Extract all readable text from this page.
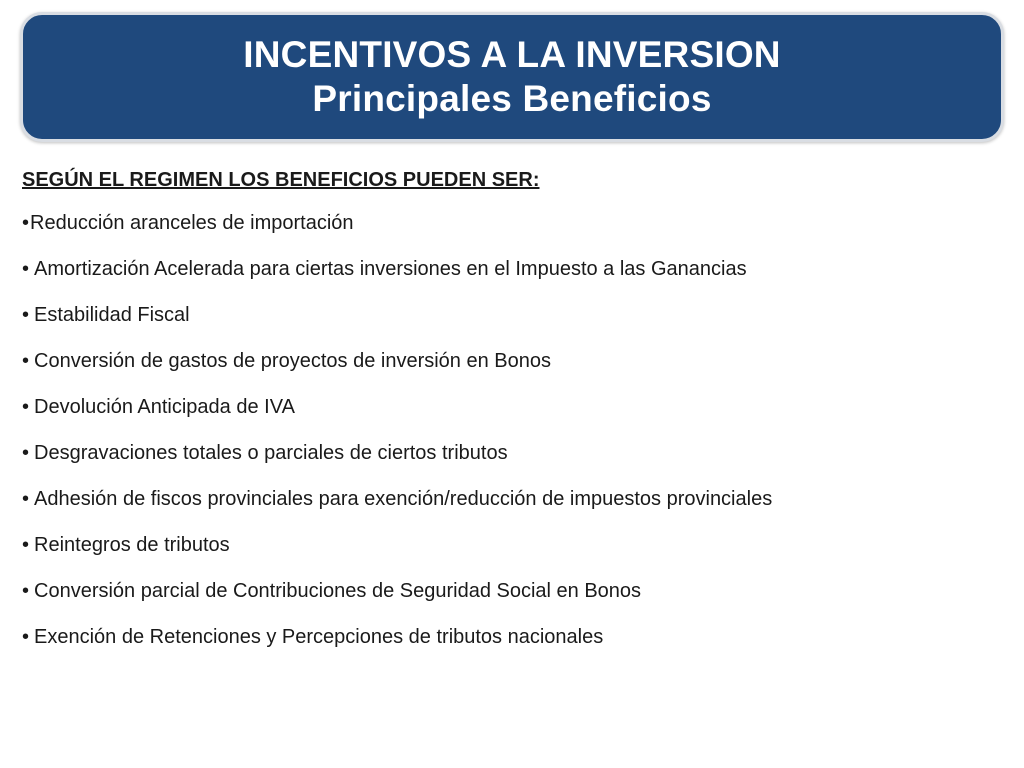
INCENTIVOS A LA INVERSION
Principales Beneficios
SEGÚN EL REGIMEN LOS BENEFICIOS PUEDEN SER:
• Reducción aranceles de importación
• Amortización Acelerada para ciertas inversiones en el Impuesto a las Ganancias
• Estabilidad Fiscal
• Conversión de gastos de proyectos de inversión en Bonos
• Devolución Anticipada de IVA
• Desgravaciones totales o parciales de ciertos tributos
• Adhesión de fiscos provinciales para exención/reducción de impuestos provinciales
• Reintegros de tributos
• Conversión parcial de Contribuciones de Seguridad Social en Bonos
• Exención de Retenciones y Percepciones de tributos nacionales
